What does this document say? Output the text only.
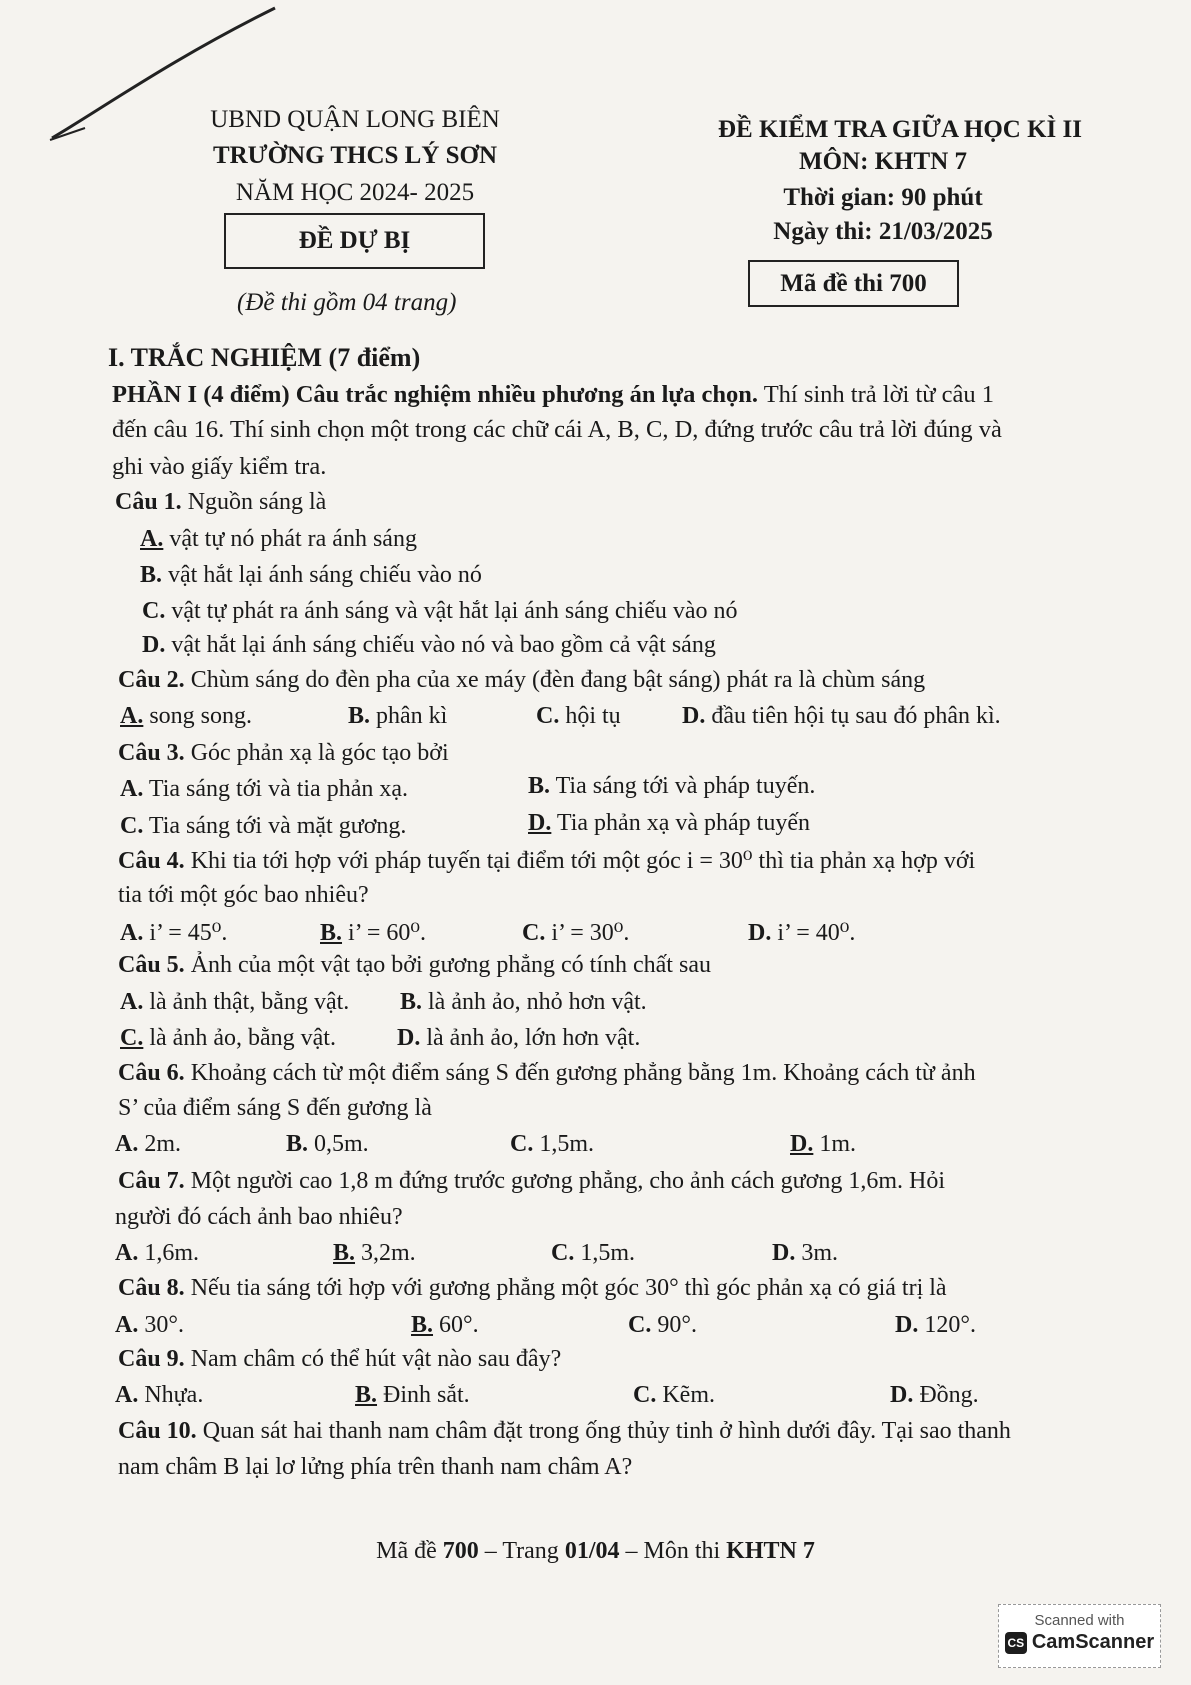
UBND QUẬN LONG BIÊN
TRƯỜNG THCS LÝ SƠN
NĂM HỌC 2024- 2025
ĐỀ DỰ BỊ
(Đề thi gồm 04 trang)
ĐỀ KIỂM TRA GIỮA HỌC KÌ II
MÔN: KHTN 7
Thời gian: 90 phút
Ngày thi: 21/03/2025
Mã đề thi 700
I. TRẮC NGHIỆM (7 điểm)
PHẦN I (4 điểm) Câu trắc nghiệm nhiều phương án lựa chọn. Thí sinh trả lời từ câu 1
đến câu 16. Thí sinh chọn một trong các chữ cái A, B, C, D, đứng trước câu trả lời đúng và
ghi vào giấy kiểm tra.
Câu 1. Nguồn sáng là
A. vật tự nó phát ra ánh sáng
B. vật hắt lại ánh sáng chiếu vào nó
C. vật tự phát ra ánh sáng và vật hắt lại ánh sáng chiếu vào nó
D. vật hắt lại ánh sáng chiếu vào nó và bao gồm cả vật sáng
Câu 2. Chùm sáng do đèn pha của xe máy (đèn đang bật sáng) phát ra là chùm sáng
A. song song.	B. phân kì	C. hội tụ	D. đầu tiên hội tụ sau đó phân kì.
Câu 3. Góc phản xạ là góc tạo bởi
A. Tia sáng tới và tia phản xạ.	B. Tia sáng tới và pháp tuyến.
C. Tia sáng tới và mặt gương.	D. Tia phản xạ và pháp tuyến
Câu 4. Khi tia tới hợp với pháp tuyến tại điểm tới một góc i = 30⁰ thì tia phản xạ hợp với
tia tới một góc bao nhiêu?
A. i’ = 45⁰.	B. i’ = 60⁰.	C. i’ = 30⁰.	D. i’ = 40⁰.
Câu 5. Ảnh của một vật tạo bởi gương phẳng có tính chất sau
A. là ảnh thật, bằng vật. B. là ảnh ảo, nhỏ hơn vật.
C. là ảnh ảo, bằng vật.	D. là ảnh ảo, lớn hơn vật.
Câu 6. Khoảng cách từ một điểm sáng S đến gương phẳng bằng 1m. Khoảng cách từ ảnh
S’ của điểm sáng S đến gương là
A. 2m.	B. 0,5m.	C. 1,5m.	D. 1m.
Câu 7. Một người cao 1,8 m đứng trước gương phẳng, cho ảnh cách gương 1,6m. Hỏi
người đó cách ảnh bao nhiêu?
A. 1,6m.	B. 3,2m.	C. 1,5m.	D. 3m.
Câu 8. Nếu tia sáng tới hợp với gương phẳng một góc 30° thì góc phản xạ có giá trị là
A. 30°.	B. 60°.	C. 90°.	D. 120°.
Câu 9. Nam châm có thể hút vật nào sau đây?
A. Nhựa.	B. Đinh sắt.	C. Kẽm.	D. Đồng.
Câu 10. Quan sát hai thanh nam châm đặt trong ống thủy tinh ở hình dưới đây. Tại sao thanh
nam châm B lại lơ lửng phía trên thanh nam châm A?
Mã đề 700 – Trang 01/04 – Môn thi KHTN 7
Scanned with
CS CamScanner
